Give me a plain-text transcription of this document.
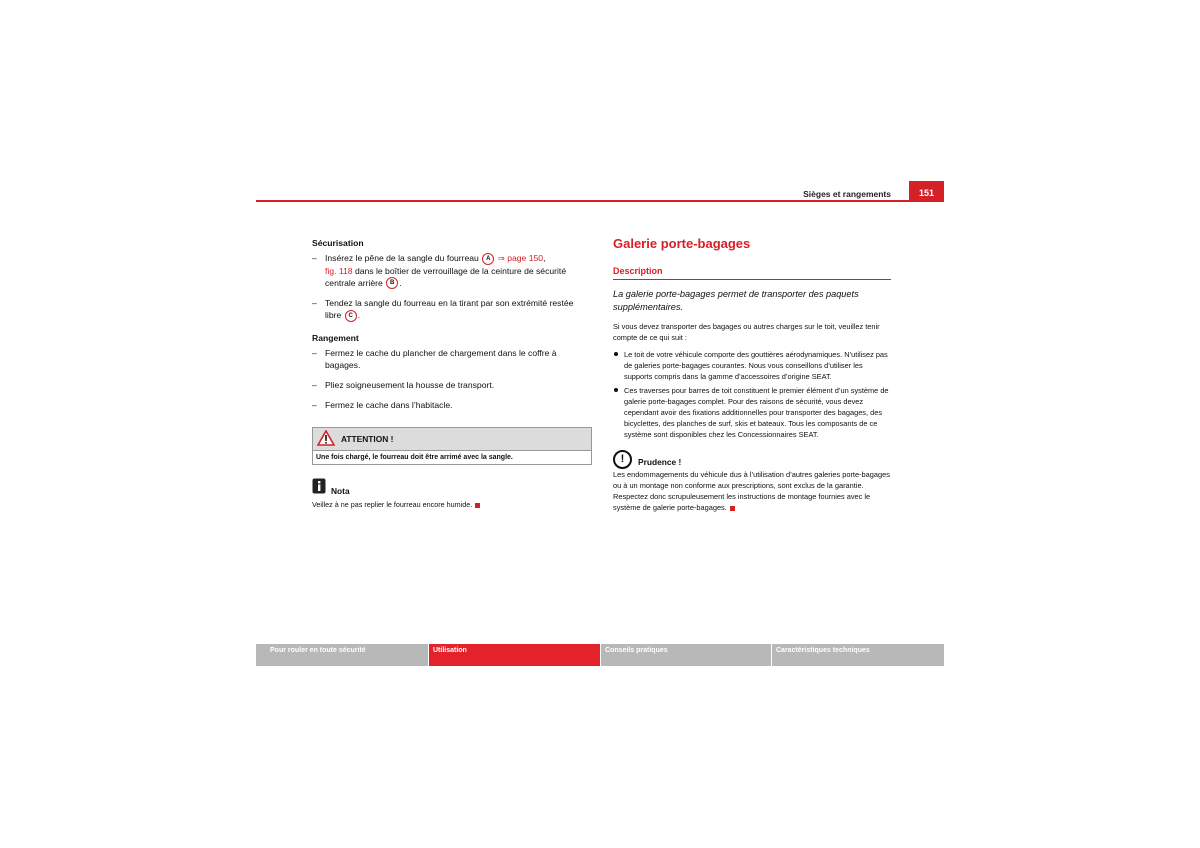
Sièges et rangements	151
Sécurisation
– Insérez le pêne de la sangle du fourreau A ⇒ page 150,
fig. 118 dans le boîtier de verrouillage de la ceinture de sécurité centrale arrière B .
– Tendez la sangle du fourreau en la tirant par son extrémité restée libre C .
Rangement
– Fermez le cache du plancher de chargement dans le coffre à bagages.
– Pliez soigneusement la housse de transport.
– Fermez le cache dans l’habitacle.
ATTENTION !
Une fois chargé, le fourreau doit être arrimé avec la sangle.
Nota
Veillez à ne pas replier le fourreau encore humide.
Galerie porte-bagages
Description
La galerie porte-bagages permet de transporter des paquets supplémentaires.
Si vous devez transporter des bagages ou autres charges sur le toit, veuillez tenir compte de ce qui suit :
Le toit de votre véhicule comporte des gouttières aérodynamiques. N’utilisez pas de galeries porte-bagages courantes. Nous vous conseillons d’utiliser les supports compris dans la gamme d’accessoires d’origine SEAT.
Ces traverses pour barres de toit constituent le premier élément d’un système de galerie porte-bagages complet. Pour des raisons de sécurité, vous devez cependant avoir des fixations additionnelles pour transporter des bagages, des bicyclettes, des planches de surf, skis et bateaux. Tous les composants de ce système sont disponibles chez les Concessionnaires SEAT.
!	Prudence !
Les endommagements du véhicule dus à l’utilisation d’autres galeries porte-bagages ou à un montage non conforme aux prescriptions, sont exclus de la garantie. Respectez donc scrupuleusement les instructions de montage fournies avec le système de galerie porte-bagages.
Pour rouler en toute sécurité	Utilisation	Conseils pratiques	Caractéristiques techniques
